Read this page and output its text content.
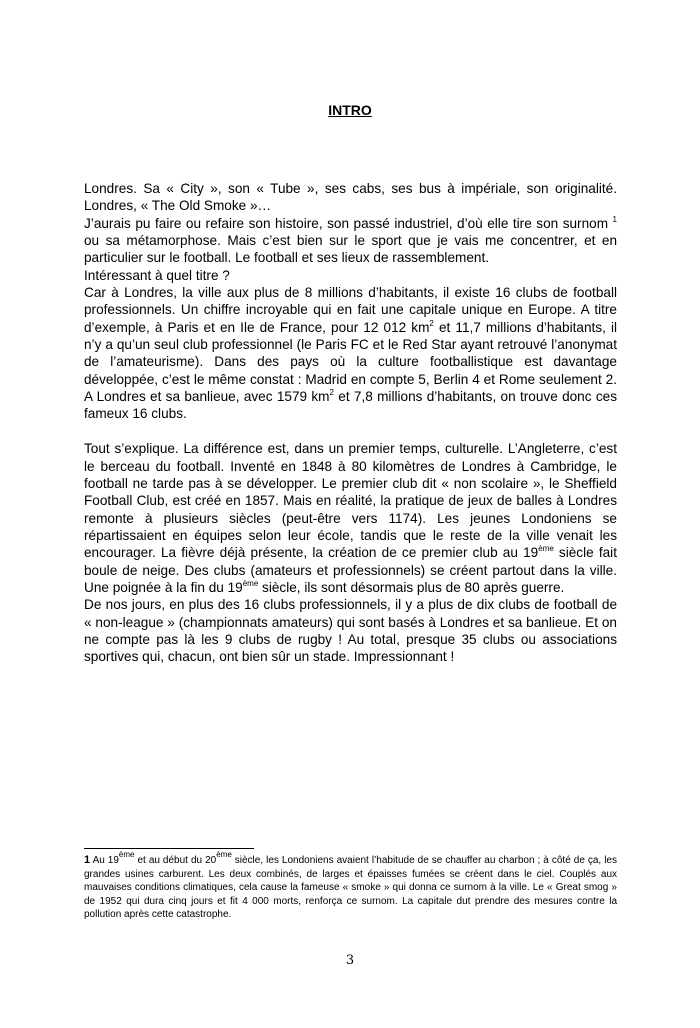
INTRO

Londres. Sa « City », son « Tube », ses cabs, ses bus à impériale, son originalité. Londres, « The Old Smoke »…

J’aurais pu faire ou refaire son histoire, son passé industriel, d’où elle tire son surnom $^1$ ou sa métamorphose. Mais c’est bien sur le sport que je vais me concentrer, et en particulier sur le football. Le football et ses lieux de rassemblement.

Intéressant à quel titre ?

Car à Londres, la ville aux plus de 8 millions d’habitants, il existe 16 clubs de football professionnels. Un chiffre incroyable qui en fait une capitale unique en Europe. A titre d’exemple, à Paris et en Ile de France, pour 12 012 $km^2$ et 11,7 millions d’habitants, il n’y a qu’un seul club professionnel (le Paris FC et le Red Star ayant retrouvé l’anonymat de l’amateurisme). Dans des pays où la culture footballistique est davantage développée, c’est le même constat : Madrid en compte 5, Berlin 4 et Rome seulement 2. A Londres et sa banlieue, avec 1579 $km^2$ et 7,8 millions d’habitants, on trouve donc ces fameux 16 clubs.

Tout s’explique. La différence est, dans un premier temps, culturelle. L’Angleterre, c’est le berceau du football. Inventé en 1848 à 80 kilomètres de Londres à Cambridge, le football ne tarde pas à se développer. Le premier club dit « non scolaire », le Sheffield Football Club, est créé en 1857. Mais en réalité, la pratique de jeux de balles à Londres remonte à plusieurs siècles (peut-être vers 1174). Les jeunes Londoniens se répartissaient en équipes selon leur école, tandis que le reste de la ville venait les encourager. La fièvre déjà présente, la création de ce premier club au 19ème siècle fait boule de neige. Des clubs (amateurs et professionnels) se créent partout dans la ville. Une poignée à la fin du 19ème siècle, ils sont désormais plus de 80 après guerre.

De nos jours, en plus des 16 clubs professionnels, il y a plus de dix clubs de football de « non-league » (championnats amateurs) qui sont basés à Londres et sa banlieue. Et on ne compte pas là les 9 clubs de rugby ! Au total, presque 35 clubs ou associations sportives qui, chacun, ont bien sûr un stade. Impressionnant !

1 Au 19ème et au début du 20ème siècle, les Londoniens avaient l’habitude de se chauffer au charbon ; à côté de ça, les grandes usines carburent. Les deux combinés, de larges et épaisses fumées se créent dans le ciel. Couplés aux mauvaises conditions climatiques, cela cause la fameuse « smoke » qui donna ce surnom à la ville. Le « Great smog » de 1952 qui dura cinq jours et fit 4 000 morts, renforça ce surnom. La capitale dut prendre des mesures contre la pollution après cette catastrophe.

3
